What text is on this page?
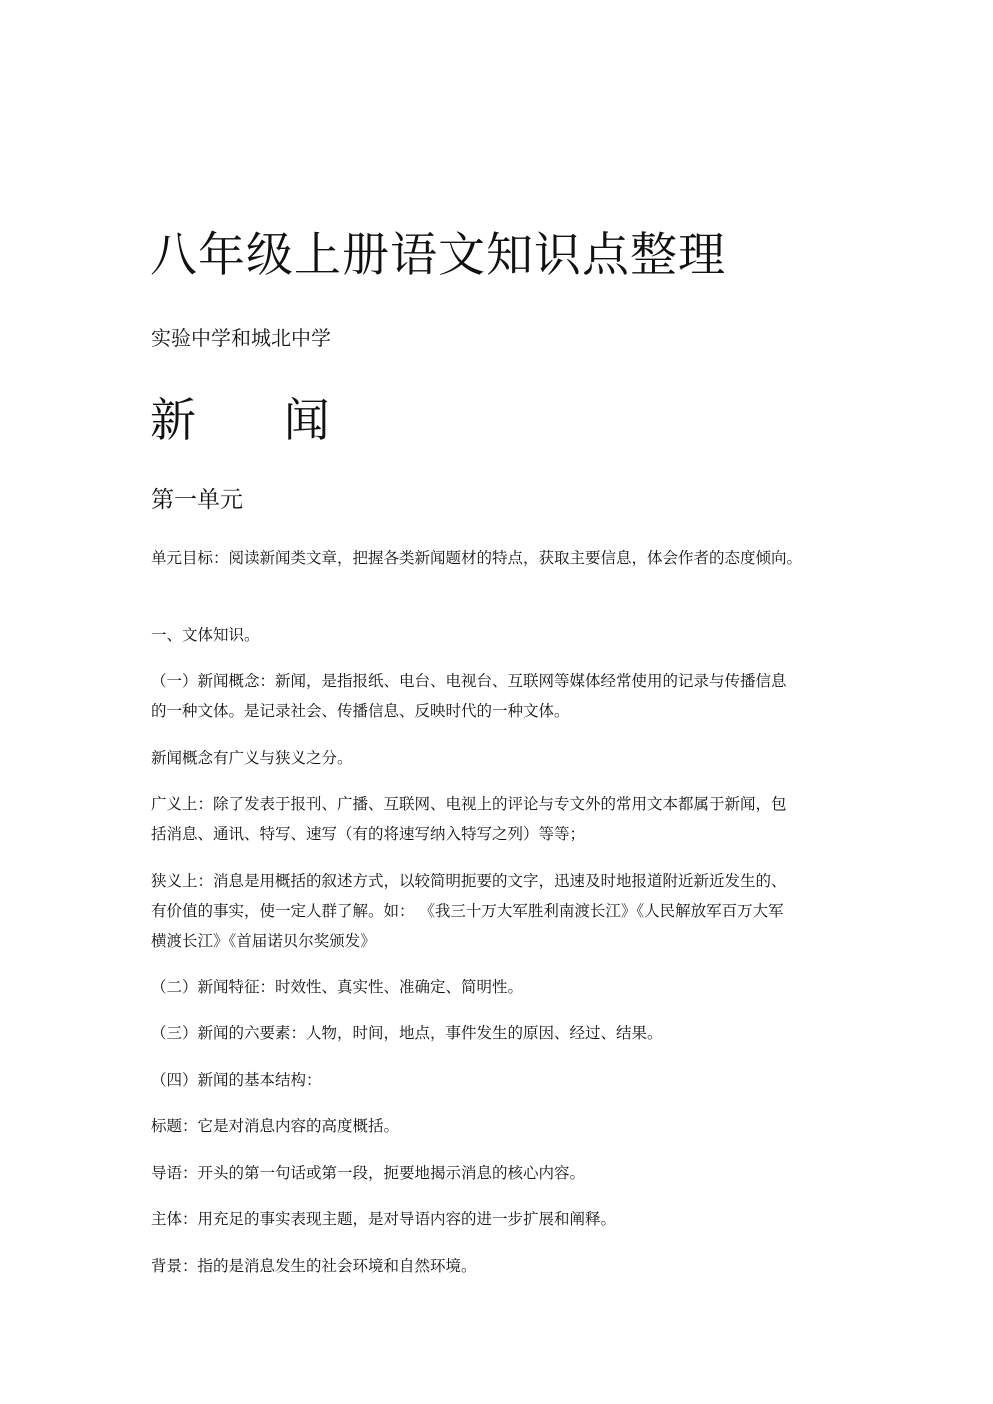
八年级上册语文知识点整理
实验中学和城北中学
新      闻
第一单元
单元目标：阅读新闻类文章，把握各类新闻题材的特点，获取主要信息，体会作者的态度倾向。
一、文体知识。
（一）新闻概念：新闻，是指报纸、电台、电视台、互联网等媒体经常使用的记录与传播信息
的一种文体。是记录社会、传播信息、反映时代的一种文体。
新闻概念有广义与狭义之分。
广义上：除了发表于报刊、广播、互联网、电视上的评论与专文外的常用文本都属于新闻，包
括消息、通讯、特写、速写（有的将速写纳入特写之列）等等；
狭义上：消息是用概括的叙述方式，以较简明扼要的文字，迅速及时地报道附近新近发生的、
有价值的事实，使一定人群了解。如： 《我三十万大军胜利南渡长江》《人民解放军百万大军
横渡长江》《首届诺贝尔奖颁发》
（二）新闻特征：时效性、真实性、准确定、简明性。
（三）新闻的六要素：人物，时间，地点，事件发生的原因、经过、结果。
（四）新闻的基本结构：
标题：它是对消息内容的高度概括。
导语：开头的第一句话或第一段，扼要地揭示消息的核心内容。
主体：用充足的事实表现主题，是对导语内容的进一步扩展和阐释。
背景：指的是消息发生的社会环境和自然环境。
